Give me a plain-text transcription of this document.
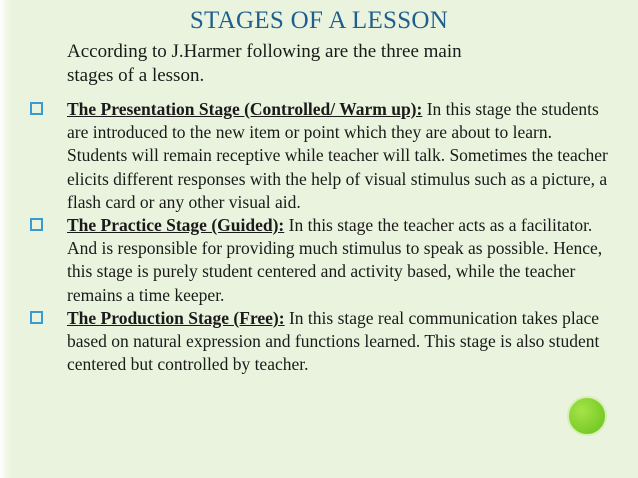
STAGES OF A LESSON
According to J.Harmer following are the three main
stages of a lesson.
The Presentation Stage (Controlled/ Warm up): In this stage the students are introduced to the new item or point which they are about to learn. Students will remain receptive while teacher will talk. Sometimes the teacher elicits different responses with the help of visual stimulus such as a picture, a flash card or any other visual aid.
The Practice Stage (Guided): In this stage the teacher acts as a facilitator. And is responsible for providing much stimulus to speak as possible. Hence, this stage is purely student centered and activity based, while the teacher remains a time keeper.
The Production Stage (Free): In this stage real communication takes place based on natural expression and functions learned. This stage is also student centered but controlled by teacher.
